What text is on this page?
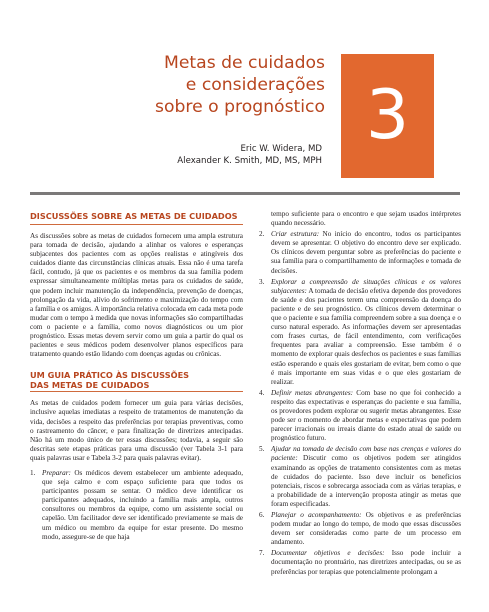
Metas de cuidados
e considerações
sobre o prognóstico 3
Eric W. Widera, MD
Alexander K. Smith, MD, MS, MPH
DISCUSSÕES SOBRE AS METAS DE CUIDADOS

As discussões sobre as metas de cuidados fornecem uma ampla estrutura para tomada de decisão, ajudando a alinhar os valores e esperanças subjacentes dos pacientes com as opções realistas e atingíveis dos cuidados diante das circunstâncias clínicas atuais. Essa não é uma tarefa fácil, contudo, já que os pacientes e os membros da sua família podem expressar simultaneamente múltiplas metas para os cuidados de saúde, que podem incluir manutenção da independência, prevenção de doenças, prolongação da vida, alívio do sofrimento e maximização do tempo com a família e os amigos. A importância relativa colocada em cada meta pode mudar com o tempo à medida que novas informações são compartilhadas com o paciente e a família, como novos diagnósticos ou um pior prognóstico. Essas metas devem servir como um guia a partir do qual os pacientes e seus médicos podem desenvolver planos específicos para tratamento quando estão lidando com doenças agudas ou crônicas.

UM GUIA PRÁTICO ÀS DISCUSSÕES
DAS METAS DE CUIDADOS

As metas de cuidados podem fornecer um guia para várias decisões, inclusive aquelas imediatas a respeito de tratamentos de manutenção da vida, decisões a respeito das preferências por terapias preventivas, como o rastreamento do câncer, e para finalização de diretrizes antecipadas. Não há um modo único de ter essas discussões; todavia, a seguir são descritas sete etapas práticas para uma discussão (ver Tabela 3-1 para quais palavras usar e Tabela 3-2 para quais palavras evitar).

1. Preparar: Os médicos devem estabelecer um ambiente adequado, que seja calmo e com espaço suficiente para que todos os participantes possam se sentar. O médico deve identificar os participantes adequados, incluindo a família mais ampla, outros consultores ou membros da equipe, como um assistente social ou capelão. Um facilitador deve ser identificado previamente se mais de um médico ou membro da equipe for estar presente. Do mesmo modo, assegure-se de que haja
tempo suficiente para o encontro e que sejam usados intérpretes quando necessário.
2. Criar estrutura: No início do encontro, todos os participantes devem se apresentar. O objetivo do encontro deve ser explicado. Os clínicos devem perguntar sobre as preferências do paciente e sua família para o compartilhamento de informações e tomada de decisões.
3. Explorar a compreensão de situações clínicas e os valores subjacentes: A tomada de decisão efetiva depende dos provedores de saúde e dos pacientes terem uma compreensão da doença do paciente e de seu prognóstico. Os clínicos devem determinar o que o paciente e sua família compreendem sobre a sua doença e o curso natural esperado. As informações devem ser apresentadas com frases curtas, de fácil entendimento, com verificações frequentes para avaliar a compreensão. Esse também é o momento de explorar quais desfechos os pacientes e suas famílias estão esperando e quais eles gostariam de evitar, bem como o que é mais importante em suas vidas e o que eles gostariam de realizar.
4. Definir metas abrangentes: Com base no que foi conhecido a respeito das expectativas e esperanças do paciente e sua família, os provedores podem explorar ou sugerir metas abrangentes. Esse pode ser o momento de abordar metas e expectativas que podem parecer irracionais ou irreais diante do estado atual de saúde ou prognóstico futuro.
5. Ajudar na tomada de decisão com base nas crenças e valores do paciente: Discutir como os objetivos podem ser atingidos examinando as opções de tratamento consistentes com as metas de cuidados do paciente. Isso deve incluir os benefícios potenciais, riscos e sobrecarga associada com as várias terapias, e a probabilidade de a intervenção proposta atingir as metas que foram especificadas.
6. Planejar o acompanhamento: Os objetivos e as preferências podem mudar ao longo do tempo, de modo que essas discussões devem ser consideradas como parte de um processo em andamento.
7. Documentar objetivos e decisões: Isso pode incluir a documentação no prontuário, nas diretrizes antecipadas, ou se as preferências por terapias que potencialmente prolongam a
